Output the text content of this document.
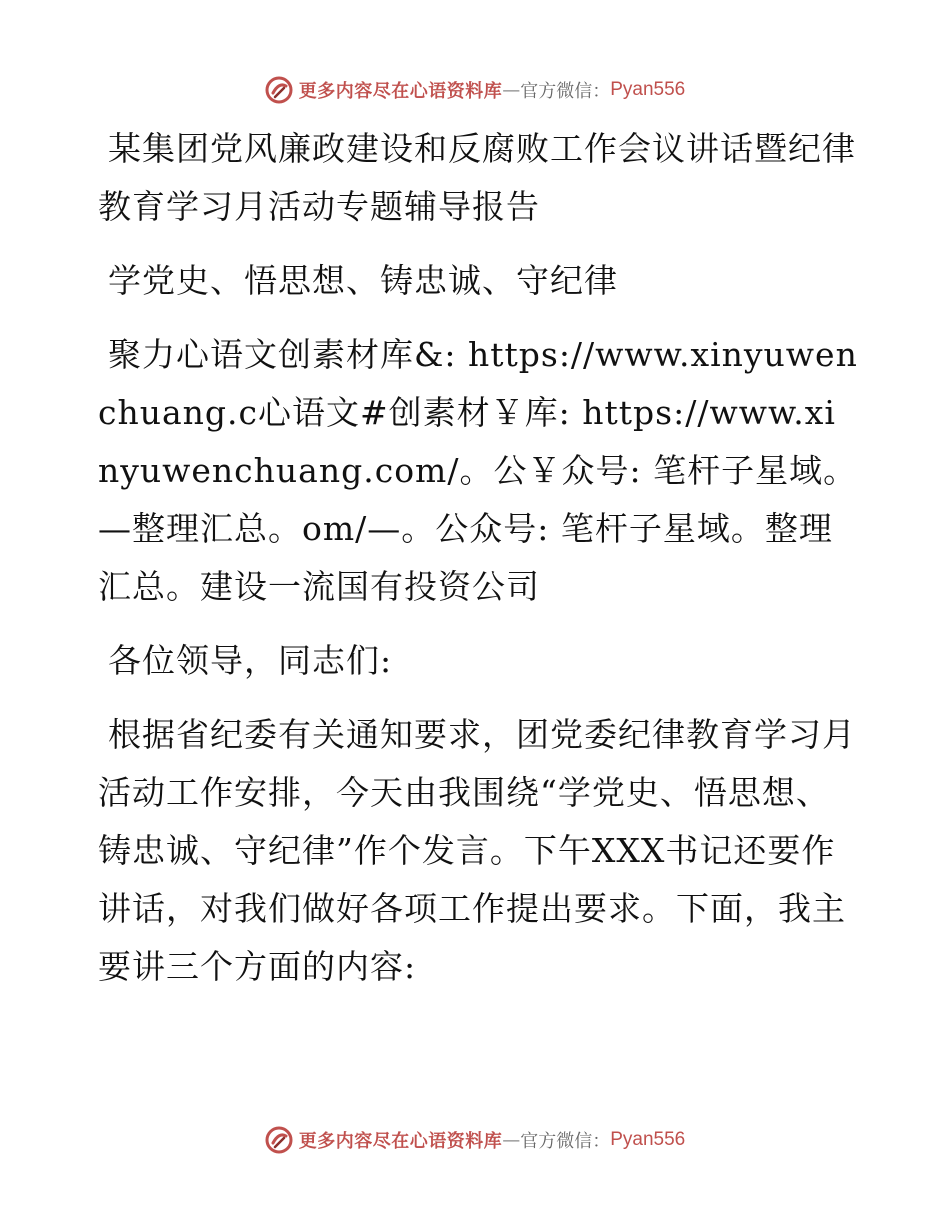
更多内容尽在心语资料库 — 官方微信： Pyan556

某集团党风廉政建设和反腐败工作会议讲话暨纪律教育学习月活动专题辅导报告

学党史、悟思想、铸忠诚、守纪律

聚力心语文创素材库&: https://www.xinyuwenchuang.c心语文#创素材￥库: https://www.xinyuwenchuang.com/。公￥众号: 笔杆子星域。—整理汇总。om/—。公众号: 笔杆子星域。整理汇总。建设一流国有投资公司

各位领导，同志们:

根据省纪委有关通知要求，团党委纪律教育学习月活动工作安排，今天由我围绕“学党史、悟思想、铸忠诚、守纪律”作个发言。下午XXX书记还要作讲话，对我们做好各项工作提出要求。下面，我主要讲三个方面的内容:

更多内容尽在心语资料库 — 官方微信： Pyan556
